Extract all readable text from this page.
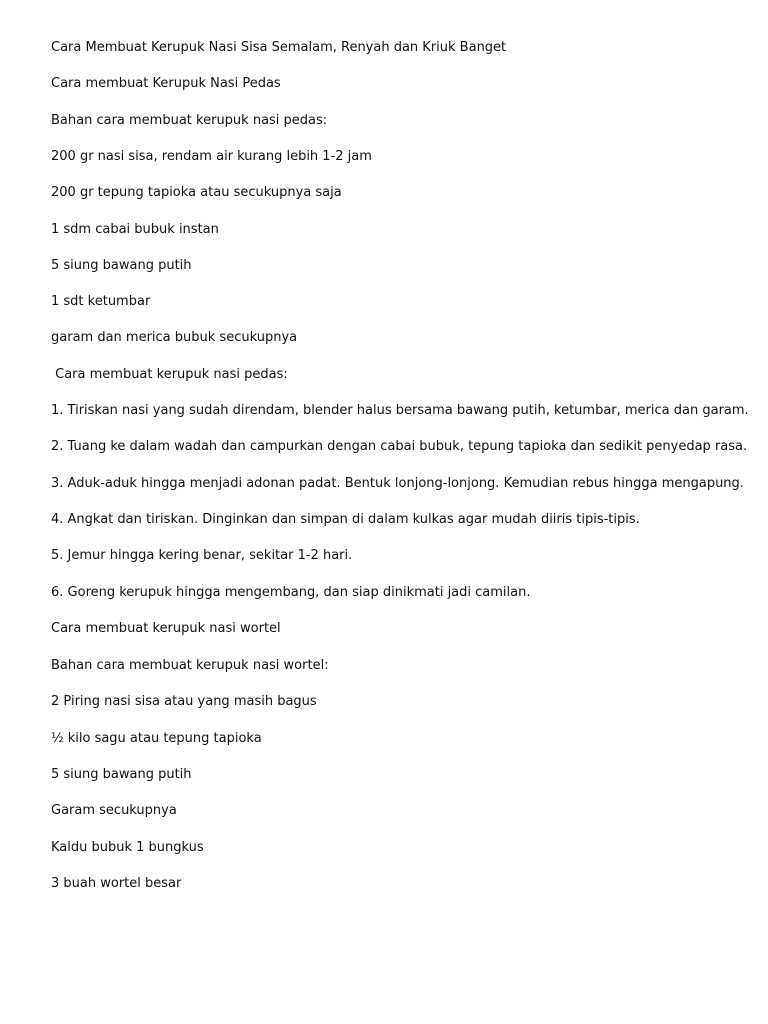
Cara Membuat Kerupuk Nasi Sisa Semalam, Renyah dan Kriuk Banget
Cara membuat Kerupuk Nasi Pedas
Bahan cara membuat kerupuk nasi pedas:
200 gr nasi sisa, rendam air kurang lebih 1-2 jam
200 gr tepung tapioka atau secukupnya saja
1 sdm cabai bubuk instan
5 siung bawang putih
1 sdt ketumbar
garam dan merica bubuk secukupnya
Cara membuat kerupuk nasi pedas:
1. Tiriskan nasi yang sudah direndam, blender halus bersama bawang putih, ketumbar, merica dan garam.
2. Tuang ke dalam wadah dan campurkan dengan cabai bubuk, tepung tapioka dan sedikit penyedap rasa.
3. Aduk-aduk hingga menjadi adonan padat. Bentuk lonjong-lonjong. Kemudian rebus hingga mengapung.
4. Angkat dan tiriskan. Dinginkan dan simpan di dalam kulkas agar mudah diiris tipis-tipis.
5. Jemur hingga kering benar, sekitar 1-2 hari.
6. Goreng kerupuk hingga mengembang, dan siap dinikmati jadi camilan.
Cara membuat kerupuk nasi wortel
Bahan cara membuat kerupuk nasi wortel:
2 Piring nasi sisa atau yang masih bagus
½ kilo sagu atau tepung tapioka
5 siung bawang putih
Garam secukupnya
Kaldu bubuk 1 bungkus
3 buah wortel besar
